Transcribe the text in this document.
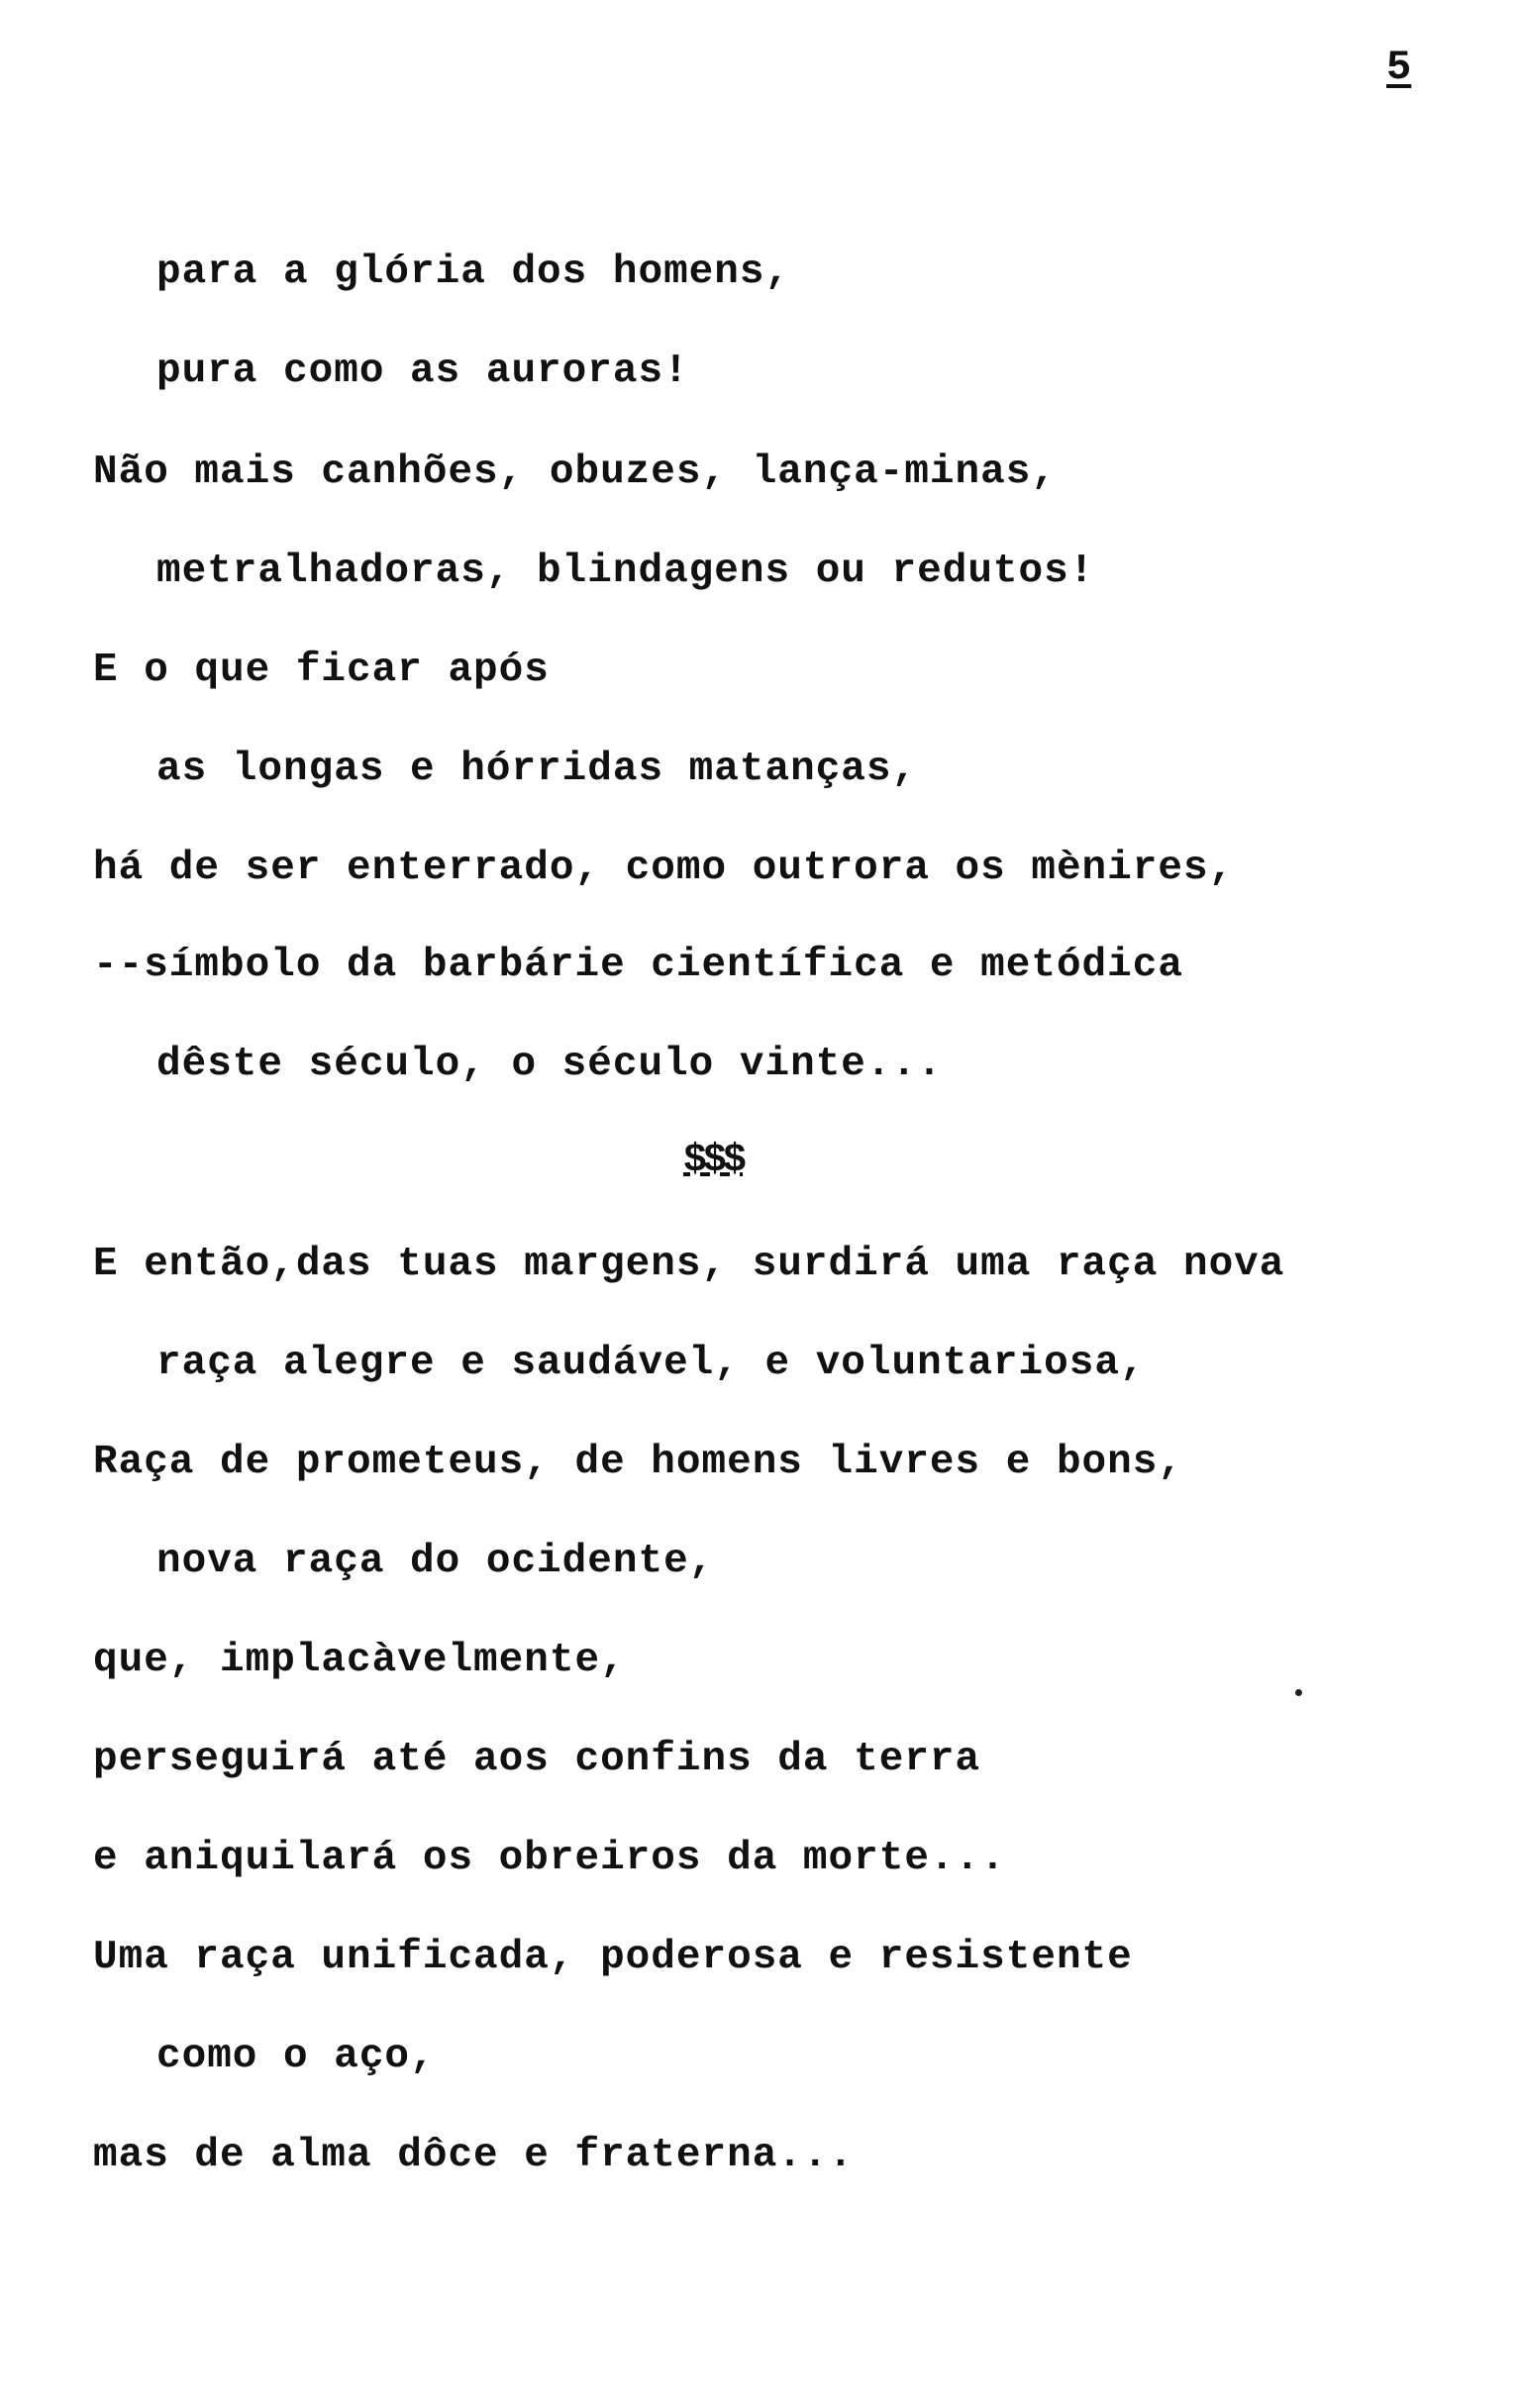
5
para a glória dos homens,
pura como as auroras!
Não mais canhões, obuzes, lança-minas,
metralhadoras, blindagens ou redutos!
E o que ficar após
as longas e hórridas matanças,
há de ser enterrado, como outrora os mènires,
--símbolo da barbárie científica e metódica
dêste século, o século vinte...
$$$
E então,das tuas margens, surdirá uma raça nova
raça alegre e saudável, e voluntariosa,
Raça de prometeus, de homens livres e bons,
nova raça do ocidente,
que, implacàvelmente,
perseguirá até aos confins da terra
e aniquilará os obreiros da morte...
Uma raça unificada, poderosa e resistente
como o aço,
mas de alma dôce e fraterna...
